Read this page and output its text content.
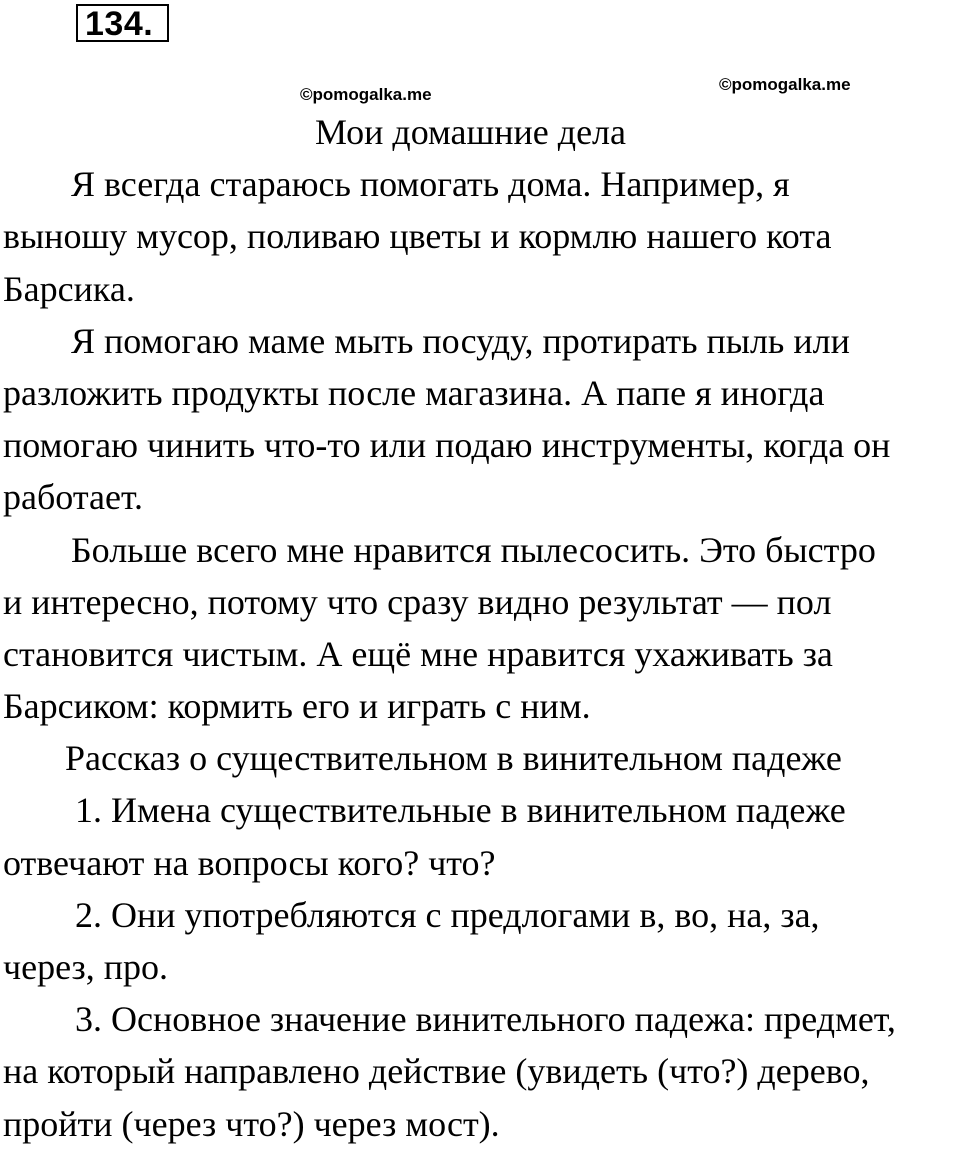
134.
©pomogalka.me
©pomogalka.me
Мои домашние дела
Я всегда стараюсь помогать дома. Например, я
выношу мусор, поливаю цветы и кормлю нашего кота
Барсика.
Я помогаю маме мыть посуду, протирать пыль или
разложить продукты после магазина. А папе я иногда
помогаю чинить что-то или подаю инструменты, когда он
работает.
Больше всего мне нравится пылесосить. Это быстро
и интересно, потому что сразу видно результат — пол
становится чистым. А ещё мне нравится ухаживать за
Барсиком: кормить его и играть с ним.
Рассказ о существительном в винительном падеже
1. Имена существительные в винительном падеже
отвечают на вопросы кого? что?
2. Они употребляются с предлогами в, во, на, за,
через, про.
3. Основное значение винительного падежа: предмет,
на который направлено действие (увидеть (что?) дерево,
пройти (через что?) через мост).
